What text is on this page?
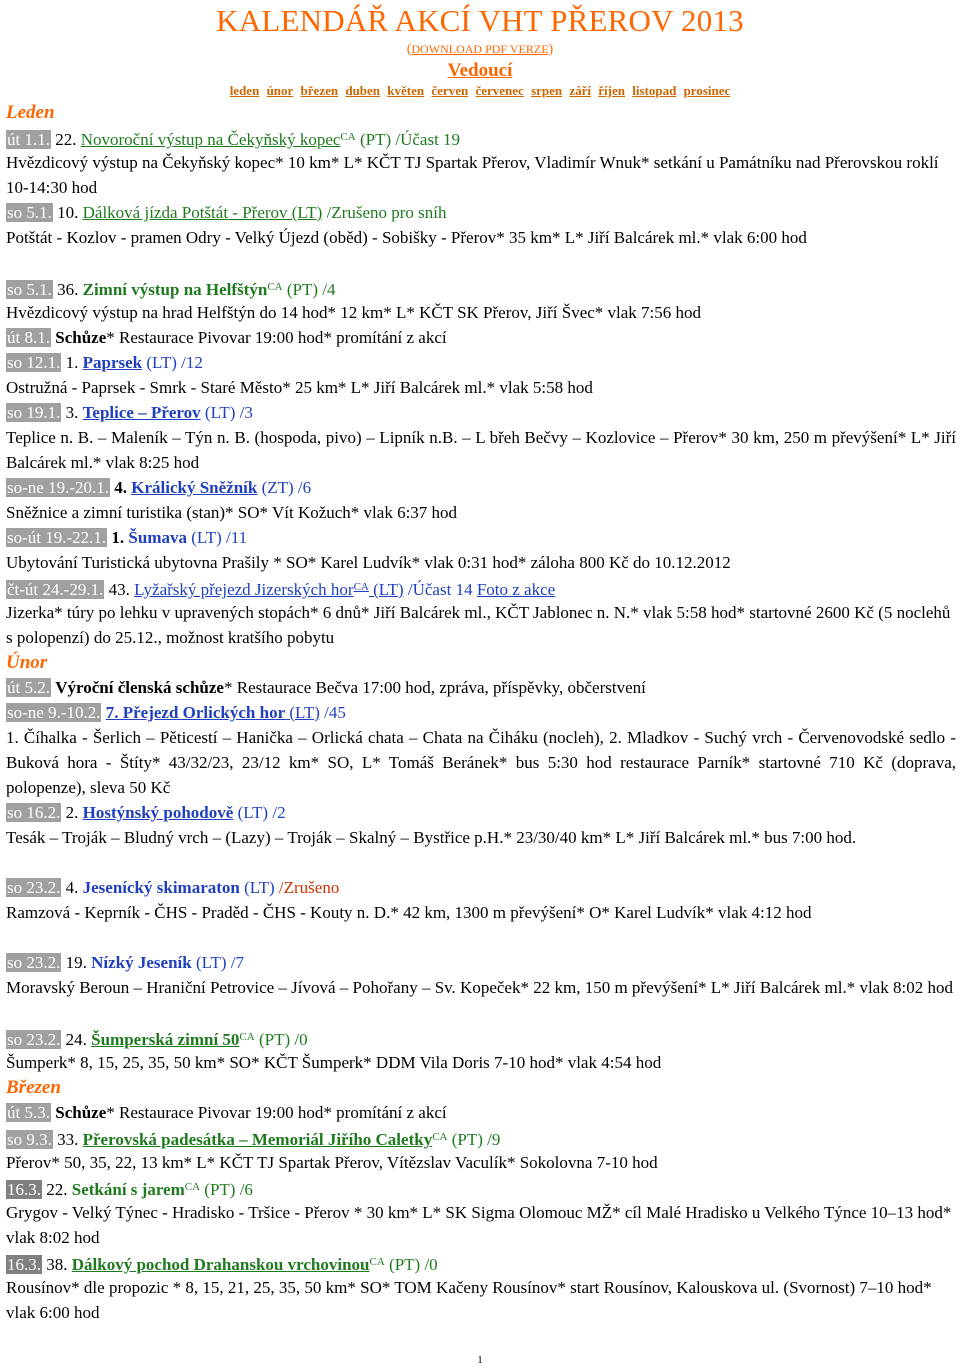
KALENDÁŘ AKCÍ VHT PŘEROV 2013
(DOWNLOAD PDF VERZE)
Vedoucí
leden únor březen duben květen červen červenec srpen září říjen listopad prosinec
Leden
út 1.1. 22. Novoroční výstup na Čekyňský kopec$^{CA}$ (PT) /Účast 19
Hvězdicový výstup na Čekyňský kopec* 10 km* L* KČT TJ Spartak Přerov, Vladimír Wnuk* setkání u Památníku nad Přerovskou roklí 10-14:30 hod
so 5.1. 10. Dálková jízda Potštát - Přerov (LT) /Zrušeno pro sníh
Potštát - Kozlov - pramen Odry - Velký Újezd (oběd) - Sobišky - Přerov* 35 km* L* Jiří Balcárek ml.* vlak 6:00 hod
so 5.1. 36. Zimní výstup na Helfštýn$^{CA}$ (PT) /4
Hvězdicový výstup na hrad Helfštýn do 14 hod* 12 km* L* KČT SK Přerov, Jiří Švec* vlak 7:56 hod
út 8.1. Schůze* Restaurace Pivovar 19:00 hod* promítání z akcí
so 12.1. 1. Paprsek (LT) /12
Ostružná - Paprsek - Smrk - Staré Město* 25 km* L* Jiří Balcárek ml.* vlak 5:58 hod
so 19.1. 3. Teplice – Přerov (LT) /3
Teplice n. B. – Maleník – Týn n. B. (hospoda, pivo) – Lipník n.B. – L břeh Bečvy – Kozlovice – Přerov* 30 km, 250 m převýšení* L* Jiří Balcárek ml.* vlak 8:25 hod
so-ne 19.-20.1. 4. Králický Sněžník (ZT) /6
Sněžnice a zimní turistika (stan)* SO* Vít Kožuch* vlak 6:37 hod
so-út 19.-22.1. 1. Šumava (LT) /11
Ubytování Turistická ubytovna Prašily * SO* Karel Ludvík* vlak 0:31 hod* záloha 800 Kč do 10.12.2012
čt-út 24.-29.1. 43. Lyžařský přejezd Jizerských hor$^{CA}$ (LT) /Účast 14 Foto z akce
Jizerka* túry po lehku v upravených stopách* 6 dnů* Jiří Balcárek ml., KČT Jablonec n. N.* vlak 5:58 hod* startovné 2600 Kč (5 noclehů s polopenzí) do 25.12., možnost kratšího pobytu
Únor
út 5.2. Výroční členská schůze* Restaurace Bečva 17:00 hod, zpráva, příspěvky, občerstvení
so-ne 9.-10.2. 7. Přejezd Orlických hor (LT) /45
1. Číhalka - Šerlich – Pěticestí – Hanička – Orlická chata – Chata na Čiháku (nocleh), 2. Mladkov - Suchý vrch - Červenovodské sedlo - Buková hora - Štíty* 43/32/23, 23/12 km* SO, L* Tomáš Beránek* bus 5:30 hod restaurace Parník* startovné 710 Kč (doprava, polopenze), sleva 50 Kč
so 16.2. 2. Hostýnský pohodově (LT) /2
Tesák – Troják – Bludný vrch – (Lazy) – Troják – Skalný – Bystřice p.H.* 23/30/40 km* L* Jiří Balcárek ml.* bus 7:00 hod.
so 23.2. 4. Jesenícký skimaraton (LT) /Zrušeno
Ramzová - Keprník - ČHS - Praděd - ČHS - Kouty n. D.* 42 km, 1300 m převýšení* O* Karel Ludvík* vlak 4:12 hod
so 23.2. 19. Nízký Jeseník (LT) /7
Moravský Beroun – Hraniční Petrovice – Jívová – Pohořany – Sv. Kopeček* 22 km, 150 m převýšení* L* Jiří Balcárek ml.* vlak 8:02 hod
so 23.2. 24. Šumperská zimní $50^{CA}$ (PT) /0
Šumperk* 8, 15, 25, 35, 50 km* SO* KČT Šumperk* DDM Vila Doris 7-10 hod* vlak 4:54 hod
Březen
út 5.3. Schůze* Restaurace Pivovar 19:00 hod* promítání z akcí
so 9.3. 33. Přerovská padesátka – Memoriál Jiřího Caletky$^{CA}$ (PT) /9
Přerov* 50, 35, 22, 13 km* L* KČT TJ Spartak Přerov, Vítězslav Vaculík* Sokolovna 7-10 hod
16.3. 22. Setkání s jarem$^{CA}$ (PT) /6
Grygov - Velký Týnec - Hradisko - Tršice - Přerov * 30 km* L* SK Sigma Olomouc MŽ* cíl Malé Hradisko u Velkého Týnce 10–13 hod* vlak 8:02 hod
16.3. 38. Dálkový pochod Drahanskou vrchovinou$^{CA}$ (PT) /0
Rousínov* dle propozic * 8, 15, 21, 25, 35, 50 km* SO* TOM Kačeny Rousínov* start Rousínov, Kalouskova ul. (Svornost) 7–10 hod* vlak 6:00 hod
1
